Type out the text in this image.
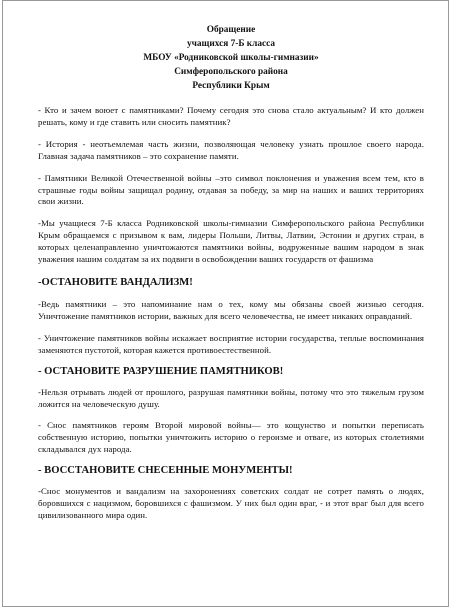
Обращение
учащихся 7-Б класса
МБОУ «Родниковской школы-гимназии»
Симферопольского района
Республики Крым

- Кто и зачем воюет с памятниками? Почему сегодня это снова стало актуальным? И кто должен решать, кому и где ставить или сносить памятник?

- История - неотъемлемая часть жизни, позволяющая человеку узнать прошлое своего народа. Главная задача памятников – это сохранение памяти.

- Памятники Великой Отечественной войны –это символ поклонения и уважения всем тем, кто в страшные годы войны защищал родину, отдавая за победу, за мир на наших и ваших территориях свои жизни.

-Мы учащиеся 7-Б класса Родниковской школы-гимназии Симферопольского района Республики Крым обращаемся с призывом к вам, лидеры Польши, Литвы, Латвии, Эстонии и других стран, в которых целенаправленно уничтожаются памятники войны, водруженные вашим народом в знак уважения нашим солдатам за их подвиги в освобождении ваших государств от фашизма

-ОСТАНОВИТЕ ВАНДАЛИЗМ!

-Ведь памятники – это напоминание нам о тех, кому мы обязаны своей жизнью сегодня. Уничтожение памятников истории, важных для всего человечества, не имеет никаких оправданий.

- Уничтожение памятников войны искажает восприятие истории государства, теплые воспоминания заменяются пустотой, которая кажется противоестественной.

- ОСТАНОВИТЕ РАЗРУШЕНИЕ ПАМЯТНИКОВ!

-Нельзя отрывать людей от прошлого, разрушая памятники войны, потому что это тяжелым грузом ложится на человеческую душу.

- Снос памятников героям Второй мировой войны— это кощунство и попытки переписать собственную историю, попытки уничтожить историю о героизме и отваге, из которых столетиями складывался дух народа.

- ВОССТАНОВИТЕ СНЕСЕННЫЕ МОНУМЕНТЫ!

-Снос монументов и вандализм на захоронениях советских солдат не сотрет память о людях, боровшихся с нацизмом, боровшихся с фашизмом. У них был один враг, - и этот враг был для всего цивилизованного мира один.
